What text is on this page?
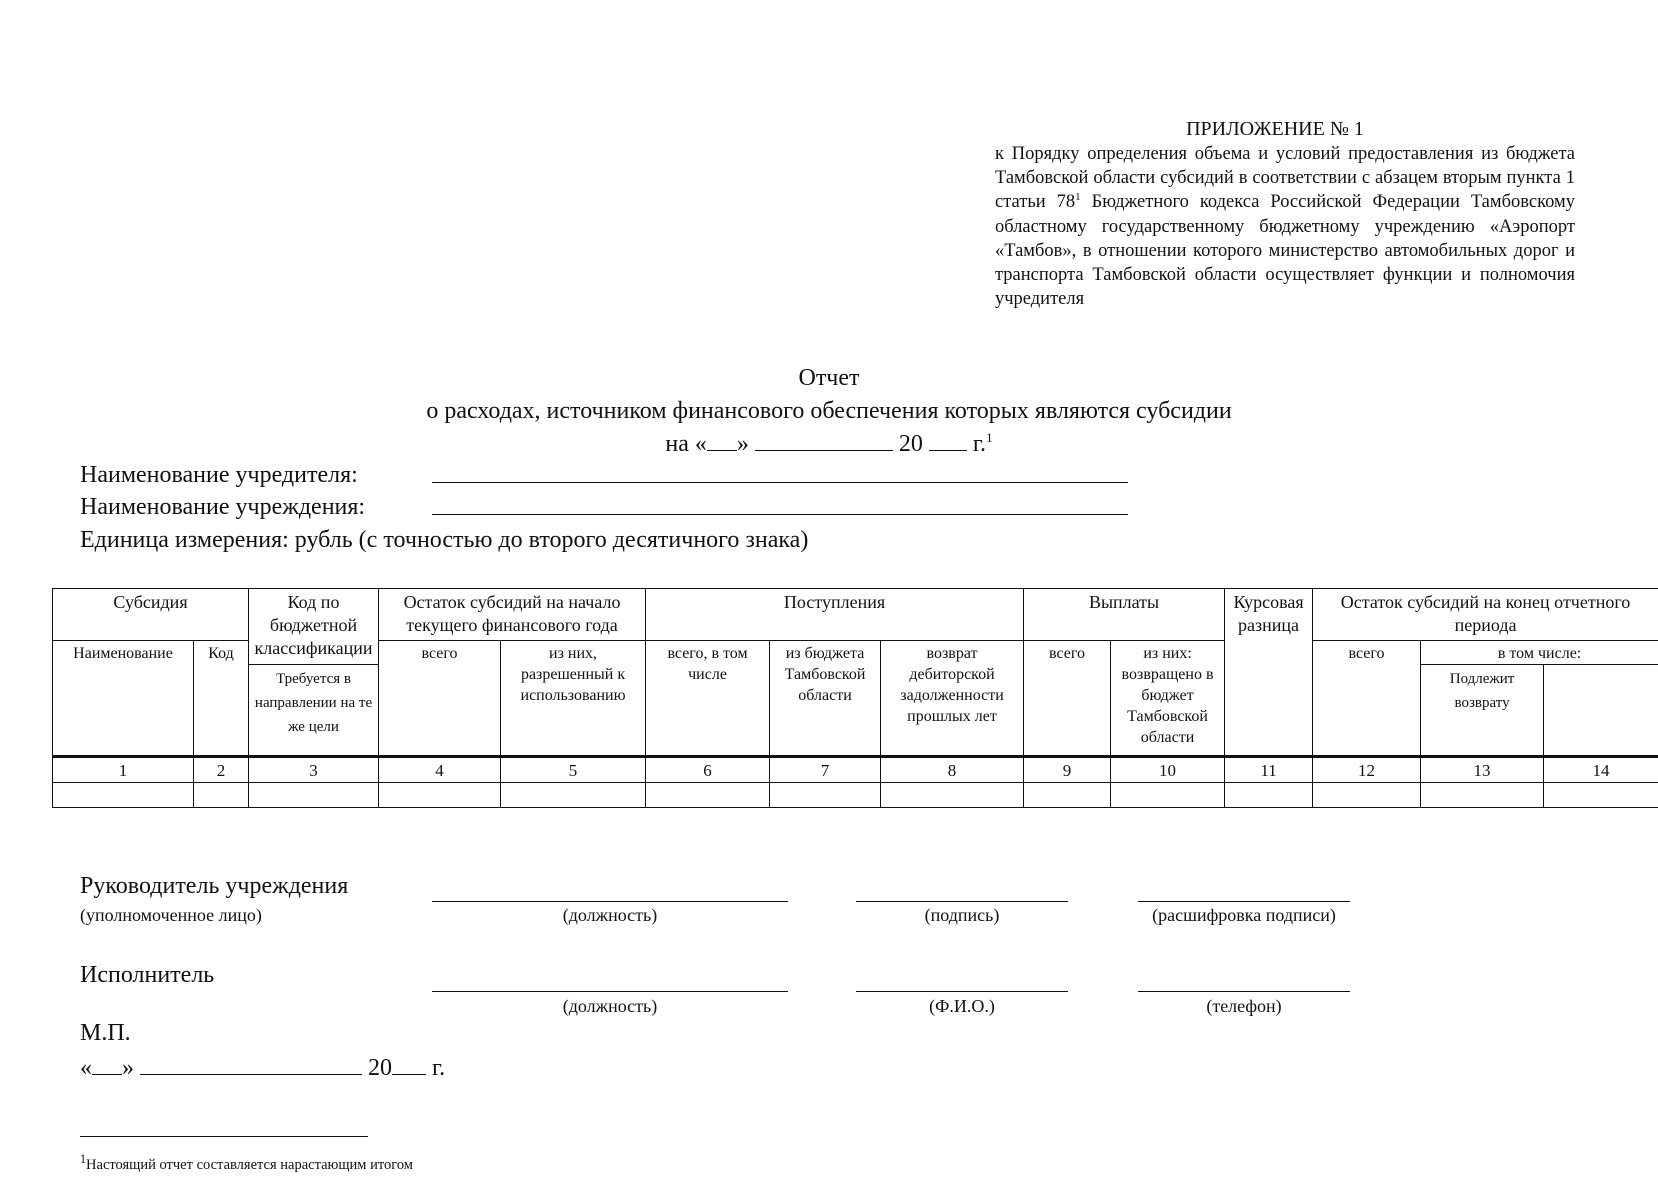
ПРИЛОЖЕНИЕ № 1
к Порядку определения объема и условий предоставления из бюджета Тамбовской области субсидий в соответствии с абзацем вторым пункта 1 статьи $78^1$ Бюджетного кодекса Российской Федерации Тамбовскому областному государственному бюджетному учреждению «Аэропорт «Тамбов», в отношении которого министерство автомобильных дорог и транспорта Тамбовской области осуществляет функции и полномочия учредителя
Отчет
о расходах, источником финансового обеспечения которых являются субсидии
на « »	20 г.$^1$
Наименование учредителя:
Наименование учреждения:
Единица измерения: рубль (с точностью до второго десятичного знака)
Субсидия		Код по бюджетной классификации	Остаток субсидий на начало текущего финансового года		Поступления			Выплаты		Курсовая разница	Остаток субсидий на конец отчетного периода		
Наименование	Код		всего	из них, разрешенный к использованию	всего, в том числе	из бюджета Тамбовской области	возврат дебиторской задолженности прошлых лет	всего	из них: возвращено в бюджет Тамбовской области		всего	в том числе:	
		Требуется в направлении на те же цели										Подлежит возврату	
1	2	3	4	5	6	7	8	9	10	11	12	13	14

Руководитель учреждения
(уполномоченное лицо)	(должность)	(подпись)	(расшифровка подписи)
Исполнитель
(должность)	(Ф.И.О.)	(телефон)
М.П.
« »	20 г.
$^1$Настоящий отчет составляется нарастающим итогом
